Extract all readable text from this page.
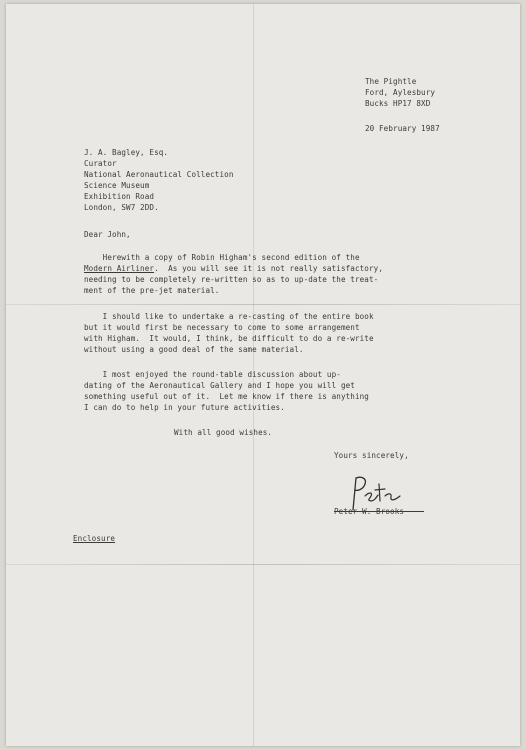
The Pightle
Ford, Aylesbury
Bucks HP17 8XD
20 February 1987
J. A. Bagley, Esq.
Curator
National Aeronautical Collection
Science Museum
Exhibition Road
London, SW7 2DD.
Dear John,
Herewith a copy of Robin Higham's second edition of the
Modern Airliner.  As you will see it is not really satisfactory,
needing to be completely re-written so as to up-date the treat-
ment of the pre-jet material.
I should like to undertake a re-casting of the entire book
but it would first be necessary to come to some arrangement
with Higham.  It would, I think, be difficult to do a re-write
without using a good deal of the same material.
I most enjoyed the round-table discussion about up-
dating of the Aeronautical Gallery and I hope you will get
something useful out of it.  Let me know if there is anything
I can do to help in your future activities.
With all good wishes.
Yours sincerely,
Peter W. Brooks
Enclosure
